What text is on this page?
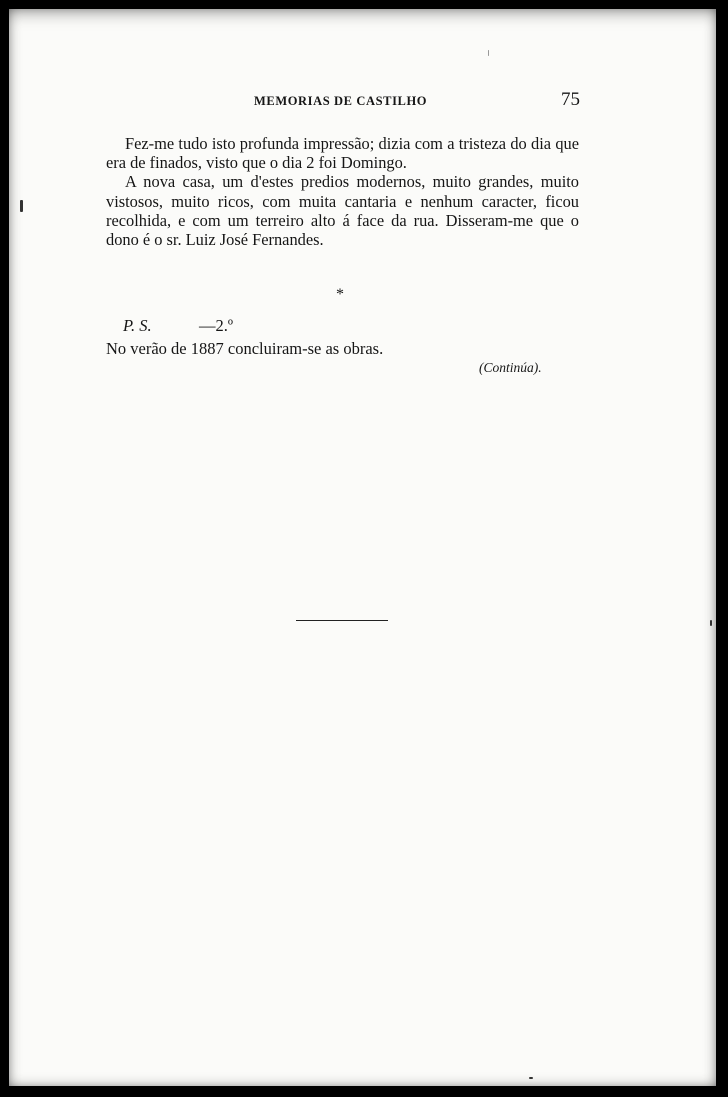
MEMORIAS DE CASTILHO	75

Fez-me tudo isto profunda impressão; dizia com a tristeza do dia que era de finados, visto que o dia 2 foi Domingo.

A nova casa, um d'estes predios modernos, muito grandes, muito vistosos, muito ricos, com muita cantaria e nenhum caracter, ficou recolhida, e com um terreiro alto á face da rua. Disseram-me que o dono é o sr. Luiz José Fernandes.

*
P. S.	—2.º
No verão de 1887 concluiram-se as obras.
(Continúa).
